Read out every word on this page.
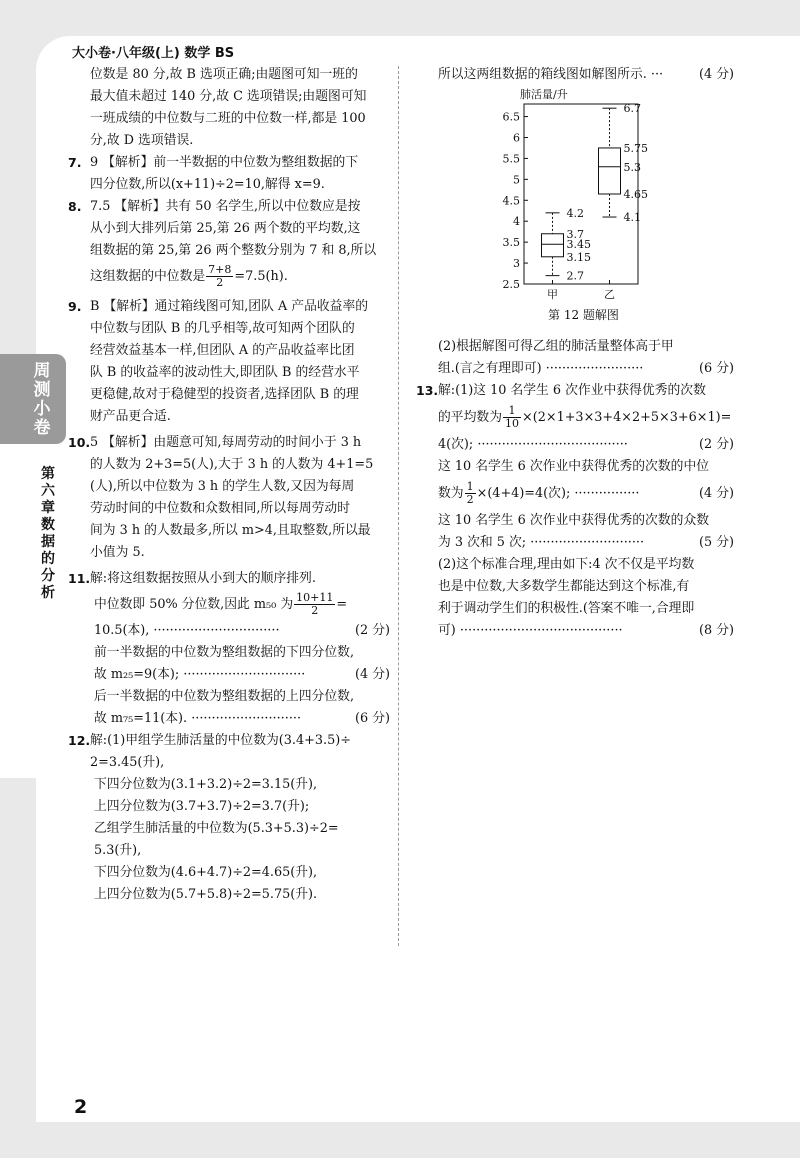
大小卷·八年级(上) 数学 BS
周测小卷
第六章 数据的分析

位数是 80 分,故 B 选项正确;由题图可知一班的

最大值未超过 140 分,故 C 选项错误;由题图可知

一班成绩的中位数与二班的中位数一样,都是 100

分,故 D 选项错误.

7. 9 【解析】前一半数据的中位数为整组数据的下

四分位数,所以(x+11)÷2=10,解得 x=9.

8. 7.5 【解析】共有 50 名学生,所以中位数应是按

从小到大排列后第 25,第 26 两个数的平均数,这

组数据的第 25,第 26 两个整数分别为 7 和 8,所以

这组数据的中位数是 $\frac{7+8}{2} =7.5(h)$.

9. B 【解析】通过箱线图可知,团队 A 产品收益率的

中位数与团队 B 的几乎相等,故可知两个团队的

经营效益基本一样,但团队 A 的产品收益率比团

队 B 的收益率的波动性大,即团队 B 的经营水平

更稳健,故对于稳健型的投资者,选择团队 B 的理

财产品更合适.

10. 5 【解析】由题意可知,每周劳动的时间小于 3 h

的人数为 2+3=5(人),大于 3 h 的人数为 4+1=5

(人),所以中位数为 3 h 的学生人数,又因为每周

劳动时间的中位数和众数相同,所以每周劳动时

间为 3 h 的人数最多,所以 m>4,且取整数,所以最

小值为 5.

11. 解:将这组数据按照从小到大的顺序排列.

中位数即 50% 分位数,因此 m₅₀ 为 $\frac{10+11}{2}$ =

10.5(本), ·······························	(2 分)

前一半数据的中位数为整组数据的下四分位数,

故 m₂₅=9(本); ······························	(4 分)

后一半数据的中位数为整组数据的上四分位数,

故 m₇₅=11(本). ···························	(6 分)

12. 解:(1)甲组学生肺活量的中位数为(3.4+3.5)÷

2=3.45(升),

下四分位数为(3.1+3.2)÷2=3.15(升),

上四分位数为(3.7+3.7)÷2=3.7(升);

乙组学生肺活量的中位数为(5.3+5.3)÷2=

5.3(升),

下四分位数为(4.6+4.7)÷2=4.65(升),

上四分位数为(5.7+5.8)÷2=5.75(升).

所以这两组数据的箱线图如解图所示. ···	(4 分)

(2)根据解图可得乙组的肺活量整体高于甲

组.(言之有理即可) ························	(6 分)

13. 解:(1)这 10 名学生 6 次作业中获得优秀的次数

的平均数为 $\frac{1}{10} \times(2\times 1+3\times 3+4\times 2+5\times 3+6\times 1)=$

4(次); ·····································	(2 分)

这 10 名学生 6 次作业中获得优秀的次数的中位

数为 $\frac{1}{2} \times(4+4)=4$(次); ················	(4 分)

这 10 名学生 6 次作业中获得优秀的次数的众数

为 3 次和 5 次; ····························	(5 分)

(2)这个标准合理,理由如下:4 次不仅是平均数

也是中位数,大多数学生都能达到这个标准,有

利于调动学生们的积极性.(答案不唯一,合理即

可) ········································	(8 分)

肺活量/升
6.5
6
5.5
5
4.5
4
3.5
3
2.5
4.2
3.7
3.45
3.15
2.7
甲
6.7
5.75
5.3
4.65
4.1
乙
第 12 题解图
2
